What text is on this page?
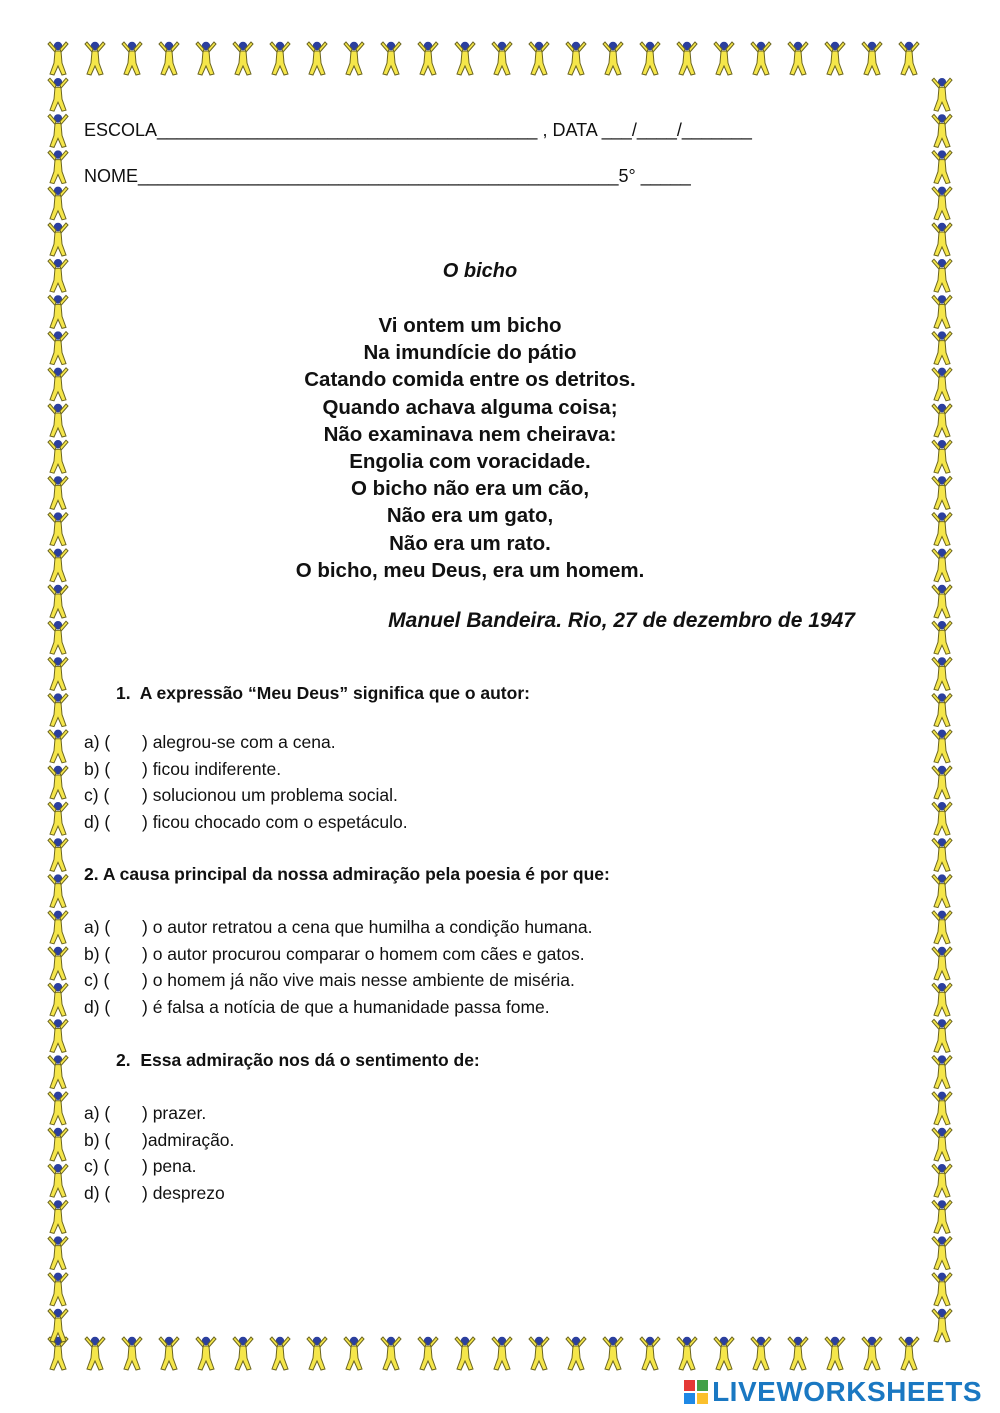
ESCOLA______________________________________ , DATA ___/____/_______
NOME________________________________________________5° _____
O bicho
Vi ontem um bicho
Na imundície do pátio
Catando comida entre os detritos.
Quando achava alguma coisa;
Não examinava nem cheirava:
Engolia com voracidade.
O bicho não era um cão,
Não era um gato,
Não era um rato.
O bicho, meu Deus, era um homem.
Manuel Bandeira. Rio, 27 de dezembro de 1947
1. A expressão “Meu Deus” significa que o autor:
a) ( ) alegrou-se com a cena.
b) ( ) ficou indiferente.
c) ( ) solucionou um problema social.
d) ( ) ficou chocado com o espetáculo.
2. A causa principal da nossa admiração pela poesia é por que:
a) ( ) o autor retratou a cena que humilha a condição humana.
b) ( ) o autor procurou comparar o homem com cães e gatos.
c) ( ) o homem já não vive mais nesse ambiente de miséria.
d) ( ) é falsa a notícia de que a humanidade passa fome.
2. Essa admiração nos dá o sentimento de:
a) ( ) prazer.
b) ( )admiração.
c) ( ) pena.
d) ( ) desprezo
LIVEWORKSHEETS
